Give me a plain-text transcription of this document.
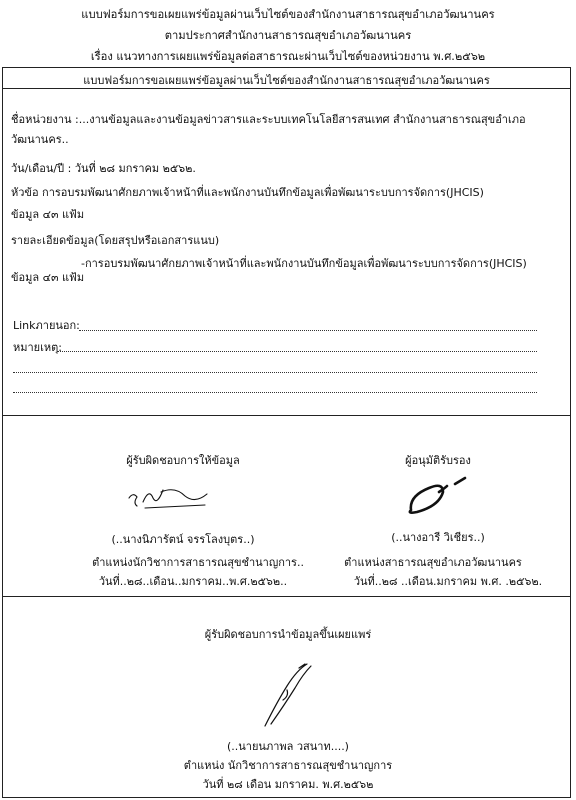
แบบฟอร์มการขอเผยแพร่ข้อมูลผ่านเว็บไซต์ของสำนักงานสาธารณสุขอำเภอวัฒนานคร
ตามประกาศสำนักงานสาธารณสุขอำเภอวัฒนานคร
เรื่อง แนวทางการเผยแพร่ข้อมูลต่อสาธารณะผ่านเว็บไซต์ของหน่วยงาน พ.ศ.๒๕๖๒
แบบฟอร์มการขอเผยแพร่ข้อมูลผ่านเว็บไซต์ของสำนักงานสาธารณสุขอำเภอวัฒนานคร
ชื่อหน่วยงาน :...งานข้อมูลและงานข้อมูลข่าวสารและระบบเทคโนโลยีสารสนเทศ สำนักงานสาธารณสุขอำเภอ
วัฒนานคร..
วัน/เดือน/ปี : วันที่ ๒๘ มกราคม ๒๕๖๒.
หัวข้อ การอบรมพัฒนาศักยภาพเจ้าหน้าที่และพนักงานบันทึกข้อมูลเพื่อพัฒนาระบบการจัดการ(JHCIS)
ข้อมูล ๔๓ แฟ้ม
รายละเอียดข้อมูล(โดยสรุปหรือเอกสารแนบ)
-การอบรมพัฒนาศักยภาพเจ้าหน้าที่และพนักงานบันทึกข้อมูลเพื่อพัฒนาระบบการจัดการ(JHCIS)
ข้อมูล ๔๓ แฟ้ม
Linkภายนอก:
หมายเหตุ:
ผู้รับผิดชอบการให้ข้อมูล
(..นางนิภารัตน์ จรรโลงบุตร..)
ตำแหน่งนักวิชาการสาธารณสุขชำนาญการ..
วันที่..๒๘..เดือน..มกราคม..พ.ศ.๒๕๖๒..
ผู้อนุมัติรับรอง
(..นางอารี วิเชียร..)
ตำแหน่งสาธารณสุขอำเภอวัฒนานคร
วันที่..๒๘ ..เดือน.มกราคม พ.ศ. .๒๕๖๒.
ผู้รับผิดชอบการนำข้อมูลขึ้นเผยแพร่
(..นายนภาพล วสนาท....)
ตำแหน่ง นักวิชาการสาธารณสุขชำนาญการ
วันที่ ๒๘ เดือน มกราคม. พ.ศ.๒๕๖๒
